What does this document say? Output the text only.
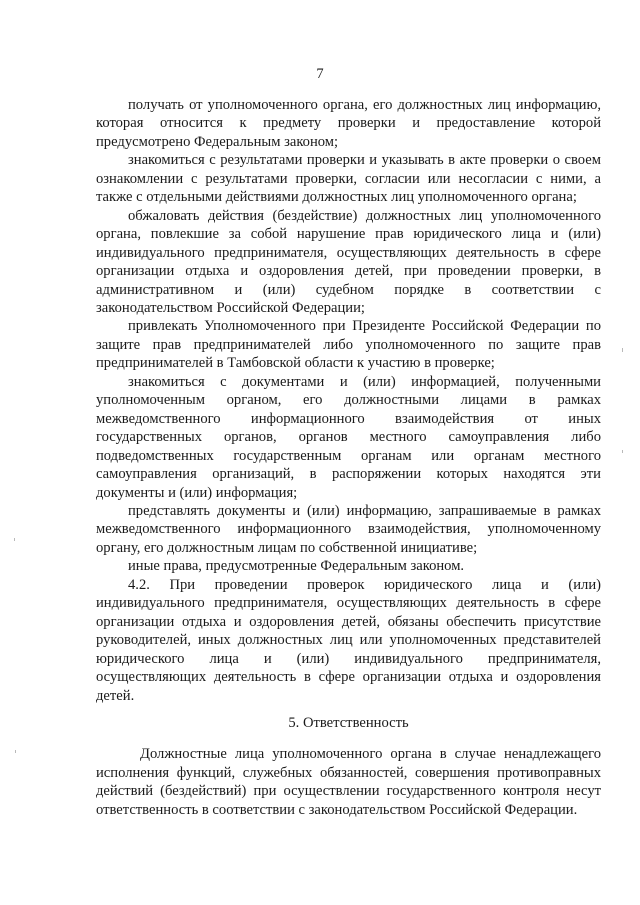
7

получать от уполномоченного органа, его должностных лиц информацию, которая относится к предмету проверки и предоставление которой предусмотрено Федеральным законом;

знакомиться с результатами проверки и указывать в акте проверки о своем ознакомлении с результатами проверки, согласии или несогласии с ними, а также с отдельными действиями должностных лиц уполномоченного органа;

обжаловать действия (бездействие) должностных лиц уполномоченного органа, повлекшие за собой нарушение прав юридического лица и (или) индивидуального предпринимателя, осуществляющих деятельность в сфере организации отдыха и оздоровления детей, при проведении проверки, в административном и (или) судебном порядке в соответствии с законодательством Российской Федерации;

привлекать Уполномоченного при Президенте Российской Федерации по защите прав предпринимателей либо уполномоченного по защите прав предпринимателей в Тамбовской области к участию в проверке;

знакомиться с документами и (или) информацией, полученными уполномоченным органом, его должностными лицами в рамках межведомственного информационного взаимодействия от иных государственных органов, органов местного самоуправления либо подведомственных государственным органам или органам местного самоуправления организаций, в распоряжении которых находятся эти документы и (или) информация;

представлять документы и (или) информацию, запрашиваемые в рамках межведомственного информационного взаимодействия, уполномоченному органу, его должностным лицам по собственной инициативе;

иные права, предусмотренные Федеральным законом.

4.2. При проведении проверок юридического лица и (или) индивидуального предпринимателя, осуществляющих деятельность в сфере организации отдыха и оздоровления детей, обязаны обеспечить присутствие руководителей, иных должностных лиц или уполномоченных представителей юридического лица и (или) индивидуального предпринимателя, осуществляющих деятельность в сфере организации отдыха и оздоровления детей.

5. Ответственность

Должностные лица уполномоченного органа в случае ненадлежащего исполнения функций, служебных обязанностей, совершения противоправных действий (бездействий) при осуществлении государственного контроля несут ответственность в соответствии с законодательством Российской Федерации.
